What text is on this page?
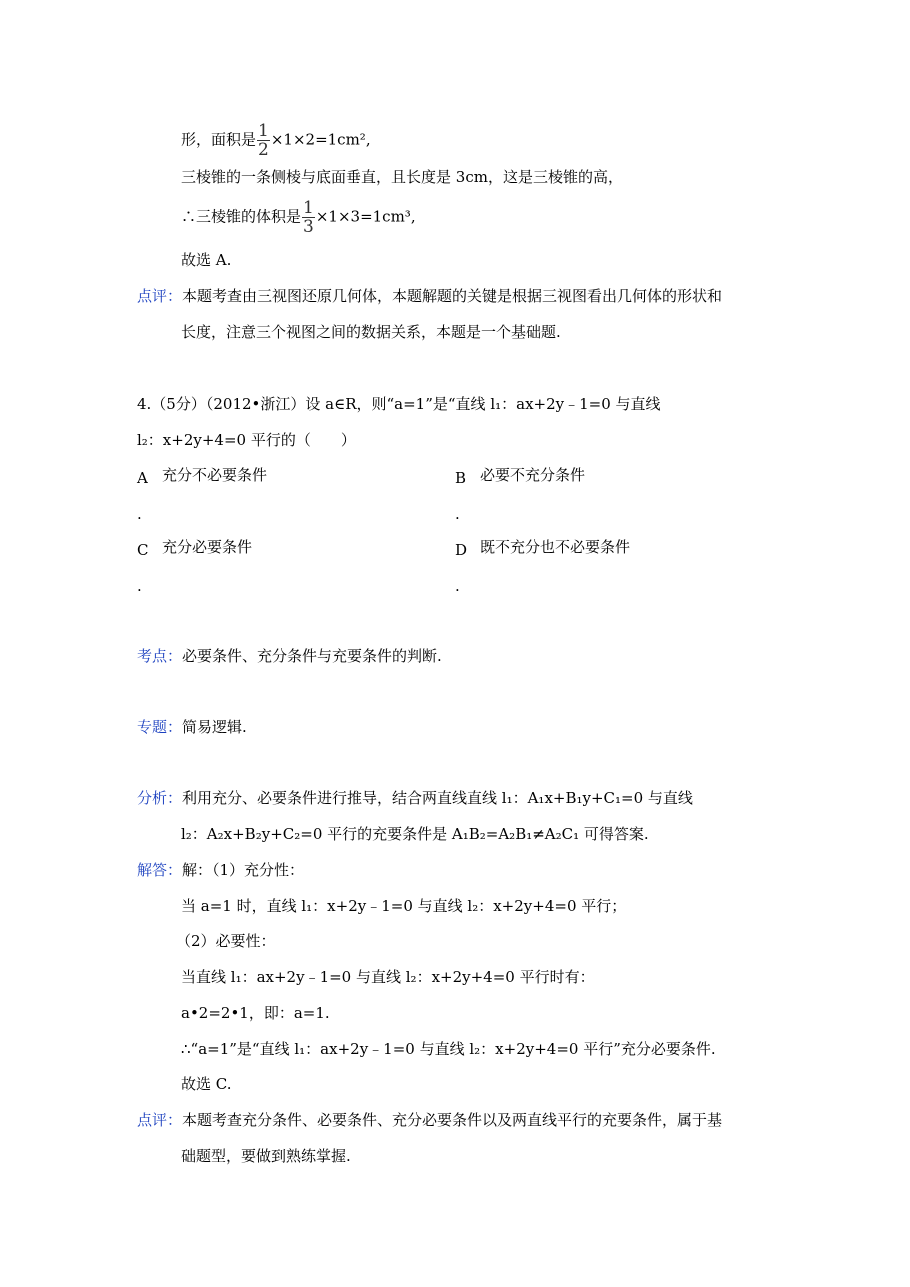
形，面积是 $\frac{1}{2} \times 1\times 2=1cm^2$,
三棱锥的一条侧棱与底面垂直，且长度是 3cm，这是三棱锥的高，
∴三棱锥的体积是 $\frac{1}{3} \times 1\times 3=1cm^3$,
故选 A.
点评：本题考查由三视图还原几何体，本题解题的关键是根据三视图看出几何体的形状和
长度，注意三个视图之间的数据关系，本题是一个基础题.
4.（5分）（2012•浙江）设 a∈R，则“a=1”是“直线 l₁：ax+2y﹣1=0 与直线
l₂：x+2y+4=0 平行的（　　）
A 充分不必要条件
.
B 必要不充分条件
.
C 充分必要条件
.
D 既不充分也不必要条件
.
考点：必要条件、充分条件与充要条件的判断.
专题：简易逻辑.
分析：利用充分、必要条件进行推导，结合两直线直线 l₁：A₁x+B₁y+C₁=0 与直线
l₂：A₂x+B₂y+C₂=0 平行的充要条件是 A₁B₂=A₂B₁≠A₂C₁ 可得答案.
解答：解：（1）充分性：
当 a=1 时，直线 l₁：x+2y﹣1=0 与直线 l₂：x+2y+4=0 平行；
（2）必要性：
当直线 l₁：ax+2y﹣1=0 与直线 l₂：x+2y+4=0 平行时有：
a•2=2•1，即：a=1.
∴“a=1”是“直线 l₁：ax+2y﹣1=0 与直线 l₂：x+2y+4=0 平行”充分必要条件.
故选 C.
点评：本题考查充分条件、必要条件、充分必要条件以及两直线平行的充要条件，属于基
础题型，要做到熟练掌握.
